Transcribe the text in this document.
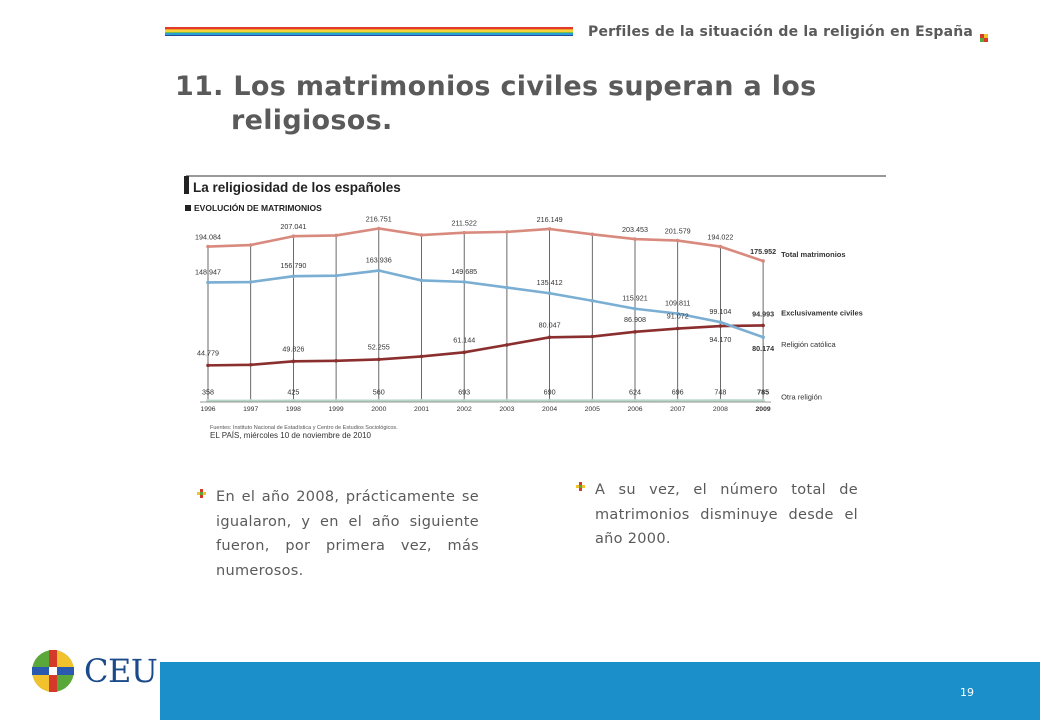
Perfiles de la situación de la religión en España
11. Los matrimonios civiles superan a los
religiosos.
La religiosidad de los españoles
EVOLUCIÓN DE MATRIMONIOS
194.084
207.041
216.751	211.522	216.149
203.453 201.579
194.022
175.952 Total matrimonios
44.779	49.826	52.255
61.144
80.047
86.908	91.072
94.170
94.993 Exclusivamente civiles
148.947
156.790
163.936
149.685
135.412
115.921
109.811
99.104
80.174 Religión católica
358	425	560	693	690	624	696	748	785
Otra religión
1996	1997	1998	1999	2000	2001	2002	2003	2004	2005	2006	2007	2008	2009
Fuentes: Instituto Nacional de Estadística y Centro de Estudios Sociológicos.
EL PAÍS, miércoles 10 de noviembre de 2010
En el año 2008, prácticamente se igualaron, y en el año siguiente fueron, por primera vez, más numerosos.
A su vez, el número total de matrimonios disminuye desde el año 2000.
19
CEU
